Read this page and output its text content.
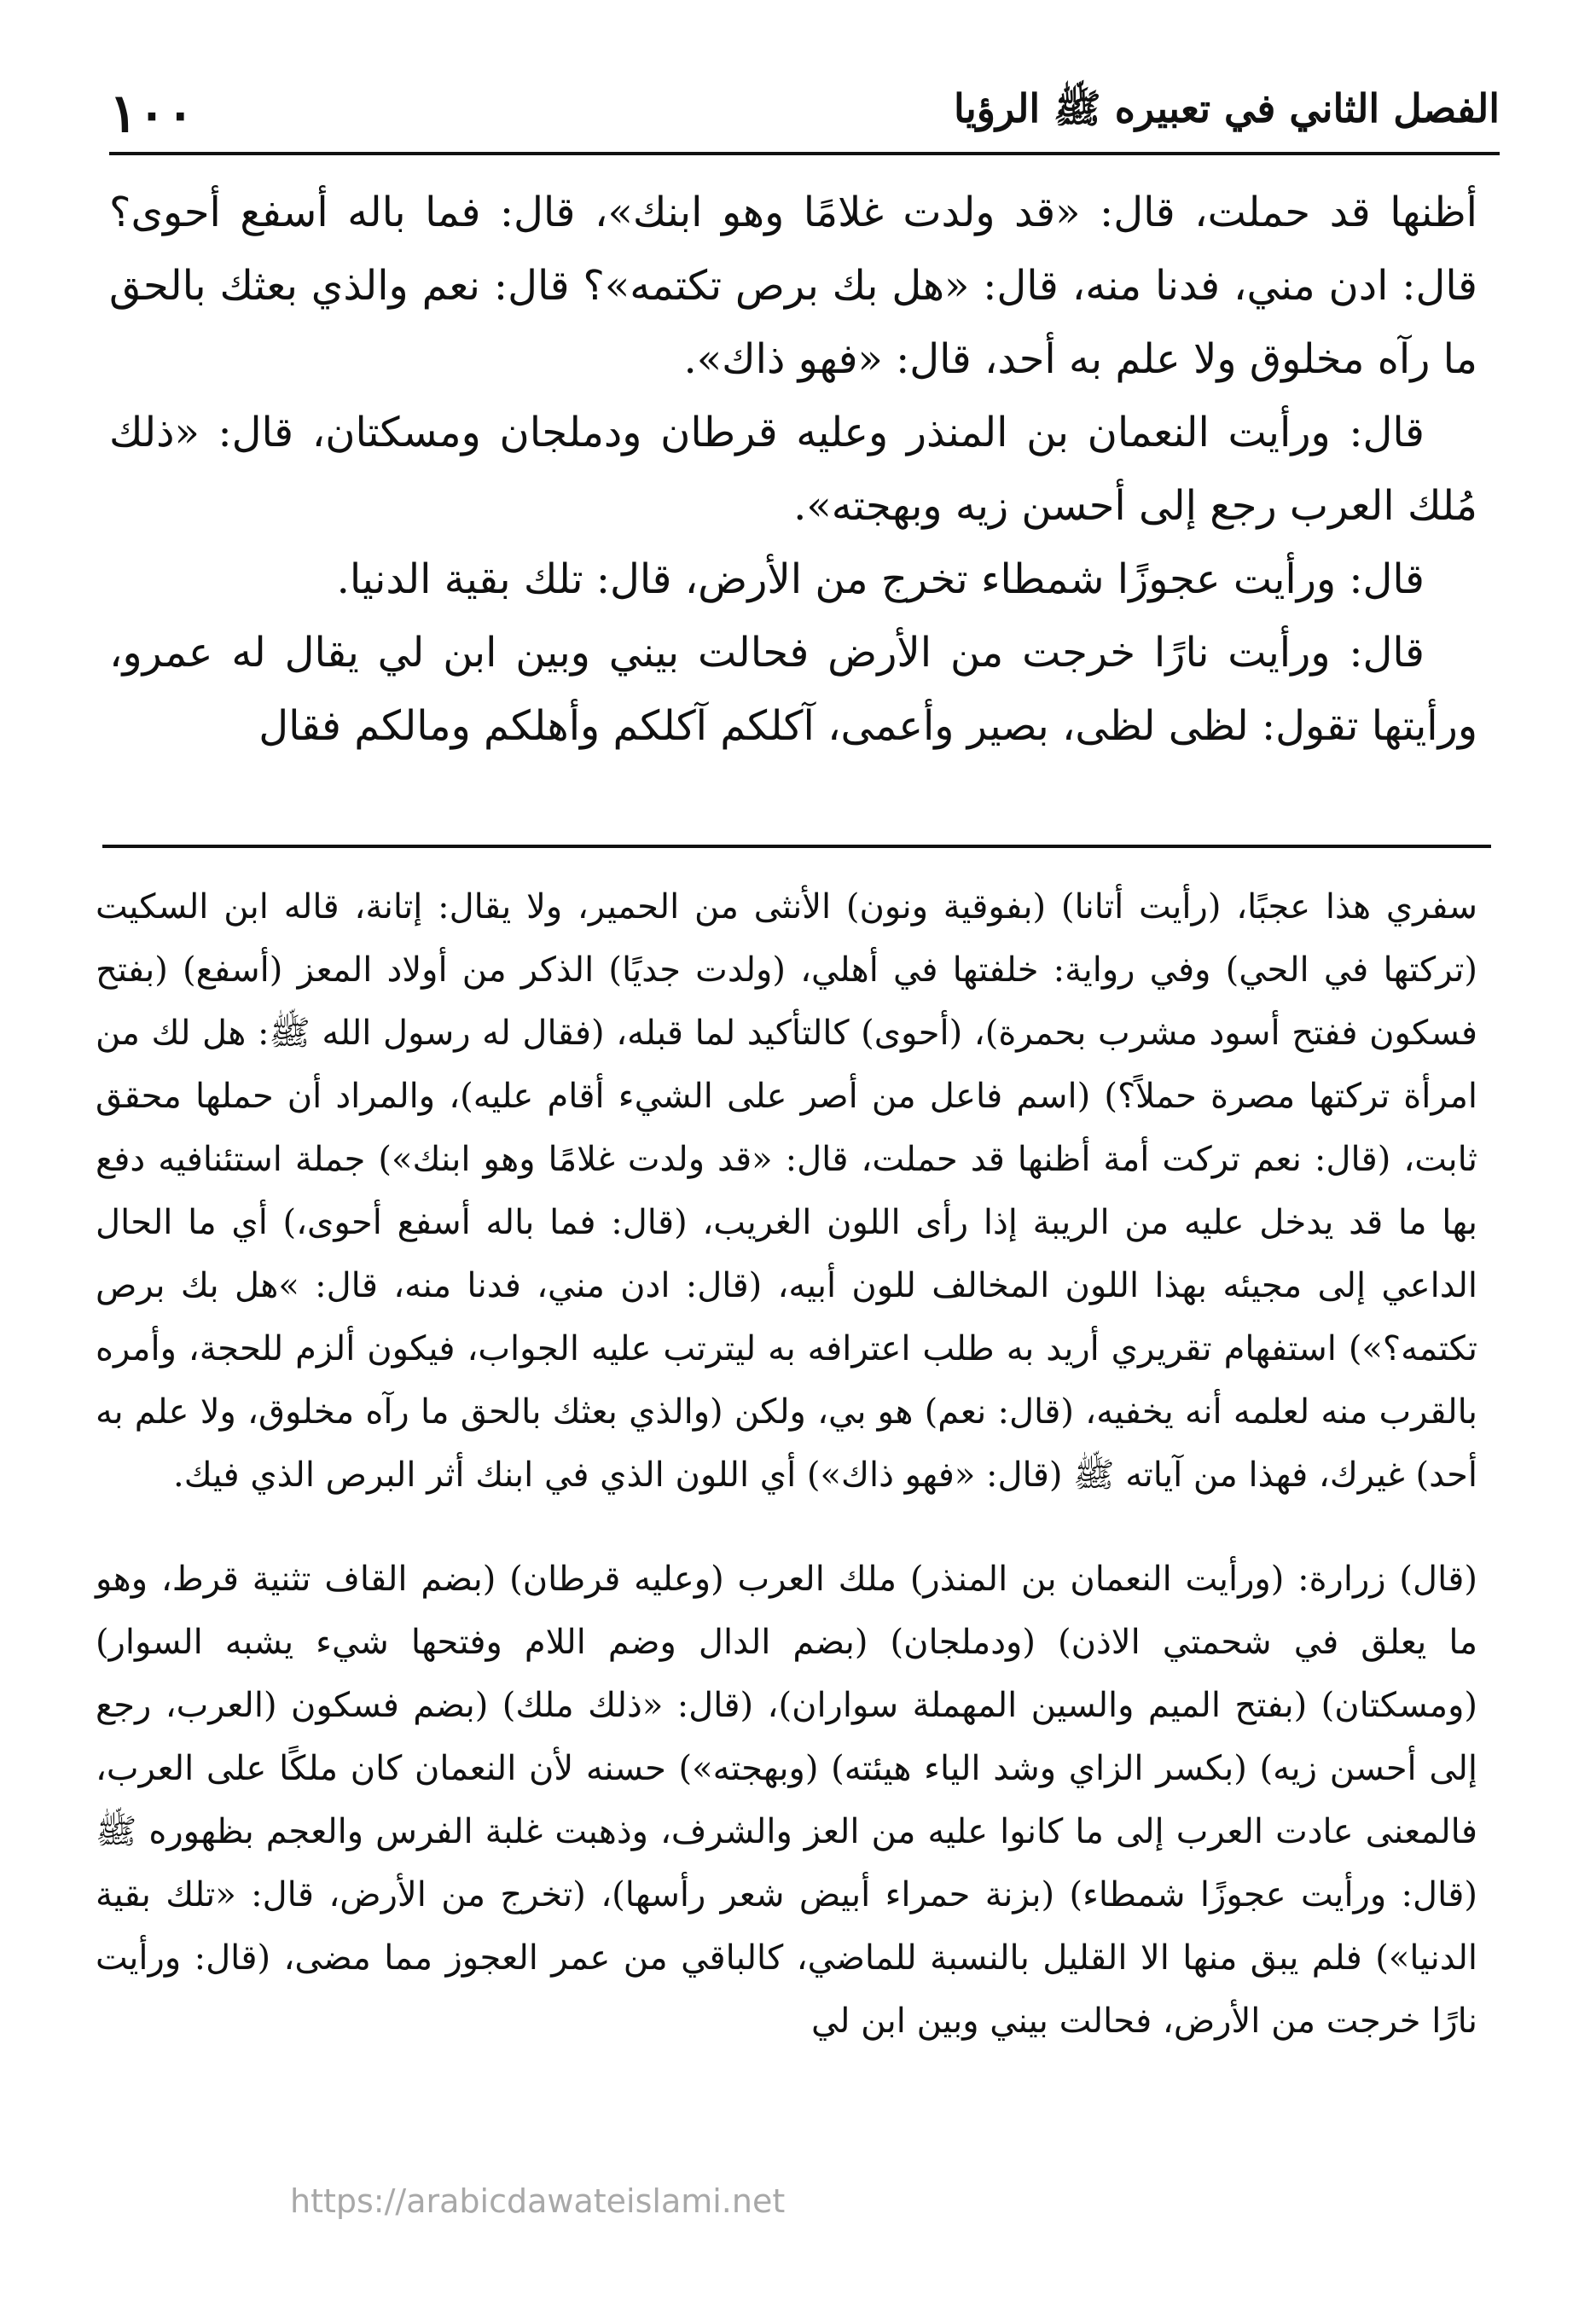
الفصل الثاني في تعبيره ﷺ الرؤيا
١٠٠

أظنها قد حملت، قال: «قد ولدت غلامًا وهو ابنك»، قال: فما باله أسفع أحوى؟ قال: ادن مني، فدنا منه، قال: «هل بك برص تكتمه»؟ قال: نعم والذي بعثك بالحق ما رآه مخلوق ولا علم به أحد، قال: «فهو ذاك».

قال: ورأيت النعمان بن المنذر وعليه قرطان ودملجان ومسكتان، قال: «ذلك مُلك العرب رجع إلى أحسن زيه وبهجته».

قال: ورأيت عجوزًا شمطاء تخرج من الأرض، قال: تلك بقية الدنيا.

قال: ورأيت نارًا خرجت من الأرض فحالت بيني وبين ابن لي يقال له عمرو، ورأيتها تقول: لظى لظى، بصير وأعمى، آكلكم آكلكم وأهلكم ومالكم فقال

سفري هذا عجبًا، (رأيت أتانا) (بفوقية ونون) الأنثى من الحمير، ولا يقال: إتانة، قاله ابن السكيت (تركتها في الحي) وفي رواية: خلفتها في أهلي، (ولدت جديًا) الذكر من أولاد المعز (أسفع) (بفتح فسكون ففتح أسود مشرب بحمرة)، (أحوى) كالتأكيد لما قبله، (فقال له رسول الله ﷺ: هل لك من امرأة تركتها مصرة حملاً؟) (اسم فاعل من أصر على الشيء أقام عليه)، والمراد أن حملها محقق ثابت، (قال: نعم تركت أمة أظنها قد حملت، قال: «قد ولدت غلامًا وهو ابنك») جملة استئنافيه دفع بها ما قد يدخل عليه من الريبة إذا رأى اللون الغريب، (قال: فما باله أسفع أحوى،) أي ما الحال الداعي إلى مجيئه بهذا اللون المخالف للون أبيه، (قال: ادن مني، فدنا منه، قال: »هل بك برص تكتمه؟») استفهام تقريري أريد به طلب اعترافه به ليترتب عليه الجواب، فيكون ألزم للحجة، وأمره بالقرب منه لعلمه أنه يخفيه، (قال: نعم) هو بي، ولكن (والذي بعثك بالحق ما رآه مخلوق، ولا علم به أحد) غيرك، فهذا من آياته ﷺ (قال: «فهو ذاك») أي اللون الذي في ابنك أثر البرص الذي فيك.

(قال) زرارة: (ورأيت النعمان بن المنذر) ملك العرب (وعليه قرطان) (بضم القاف تثنية قرط، وهو ما يعلق في شحمتي الاذن) (ودملجان) (بضم الدال وضم اللام وفتحها شيء يشبه السوار) (ومسكتان) (بفتح الميم والسين المهملة سواران)، (قال: «ذلك ملك) (بضم فسكون (العرب، رجع إلى أحسن زيه) (بكسر الزاي وشد الياء هيئته) (وبهجته») حسنه لأن النعمان كان ملكًا على العرب، فالمعنى عادت العرب إلى ما كانوا عليه من العز والشرف، وذهبت غلبة الفرس والعجم بظهوره ﷺ (قال: ورأيت عجوزًا شمطاء) (بزنة حمراء أبيض شعر رأسها)، (تخرج من الأرض، قال: «تلك بقية الدنيا») فلم يبق منها الا القليل بالنسبة للماضي، كالباقي من عمر العجوز مما مضى، (قال: ورأيت نارًا خرجت من الأرض، فحالت بيني وبين ابن لي

https://arabicdawateislami.net
